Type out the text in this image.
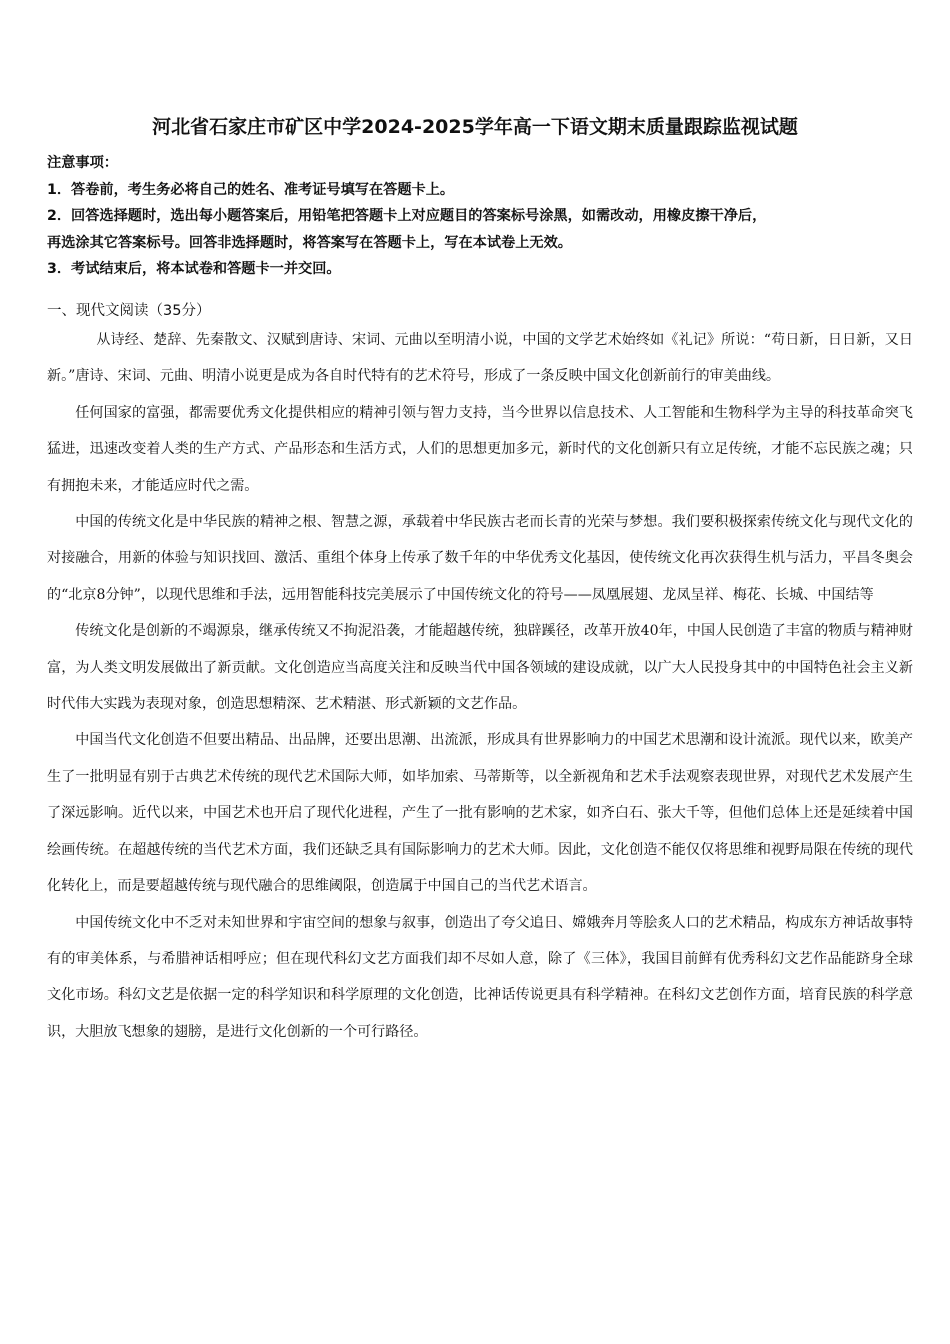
河北省石家庄市矿区中学2024-2025学年高一下语文期末质量跟踪监视试题
注意事项：
1．答卷前，考生务必将自己的姓名、准考证号填写在答题卡上。
2．回答选择题时，选出每小题答案后，用铅笔把答题卡上对应题目的答案标号涂黑，如需改动，用橡皮擦干净后，
再选涂其它答案标号。回答非选择题时，将答案写在答题卡上，写在本试卷上无效。
3．考试结束后，将本试卷和答题卡一并交回。
一、现代文阅读（35分）

从诗经、楚辞、先秦散文、汉赋到唐诗、宋词、元曲以至明清小说，中国的文学艺术始终如《礼记》所说：“苟日新，日日新，又日新。”唐诗、宋词、元曲、明清小说更是成为各自时代特有的艺术符号，形成了一条反映中国文化创新前行的审美曲线。

任何国家的富强，都需要优秀文化提供相应的精神引领与智力支持，当今世界以信息技术、人工智能和生物科学为主导的科技革命突飞猛进，迅速改变着人类的生产方式、产品形态和生活方式，人们的思想更加多元，新时代的文化创新只有立足传统，才能不忘民族之魂；只有拥抱未来，才能适应时代之需。

中国的传统文化是中华民族的精神之根、智慧之源，承载着中华民族古老而长青的光荣与梦想。我们要积极探索传统文化与现代文化的对接融合，用新的体验与知识找回、激活、重组个体身上传承了数千年的中华优秀文化基因，使传统文化再次获得生机与活力，平昌冬奥会的“北京8分钟”，以现代思维和手法，远用智能科技完美展示了中国传统文化的符号——凤凰展翅、龙凤呈祥、梅花、长城、中国结等

传统文化是创新的不竭源泉，继承传统又不拘泥沿袭，才能超越传统，独辟蹊径，改革开放40年，中国人民创造了丰富的物质与精神财富，为人类文明发展做出了新贡献。文化创造应当高度关注和反映当代中国各领域的建设成就，以广大人民投身其中的中国特色社会主义新时代伟大实践为表现对象，创造思想精深、艺术精湛、形式新颖的文艺作品。

中国当代文化创造不但要出精品、出品牌，还要出思潮、出流派，形成具有世界影响力的中国艺术思潮和设计流派。现代以来，欧美产生了一批明显有别于古典艺术传统的现代艺术国际大师，如毕加索、马蒂斯等，以全新视角和艺术手法观察表现世界，对现代艺术发展产生了深远影响。近代以来，中国艺术也开启了现代化进程，产生了一批有影响的艺术家，如齐白石、张大千等，但他们总体上还是延续着中国绘画传统。在超越传统的当代艺术方面，我们还缺乏具有国际影响力的艺术大师。因此，文化创造不能仅仅将思维和视野局限在传统的现代化转化上，而是要超越传统与现代融合的思维阈限，创造属于中国自己的当代艺术语言。

中国传统文化中不乏对未知世界和宇宙空间的想象与叙事，创造出了夸父追日、嫦娥奔月等脍炙人口的艺术精品，构成东方神话故事特有的审美体系，与希腊神话相呼应；但在现代科幻文艺方面我们却不尽如人意，除了《三体》，我国目前鲜有优秀科幻文艺作品能跻身全球文化市场。科幻文艺是依据一定的科学知识和科学原理的文化创造，比神话传说更具有科学精神。在科幻文艺创作方面，培育民族的科学意识，大胆放飞想象的翅膀，是进行文化创新的一个可行路径。
